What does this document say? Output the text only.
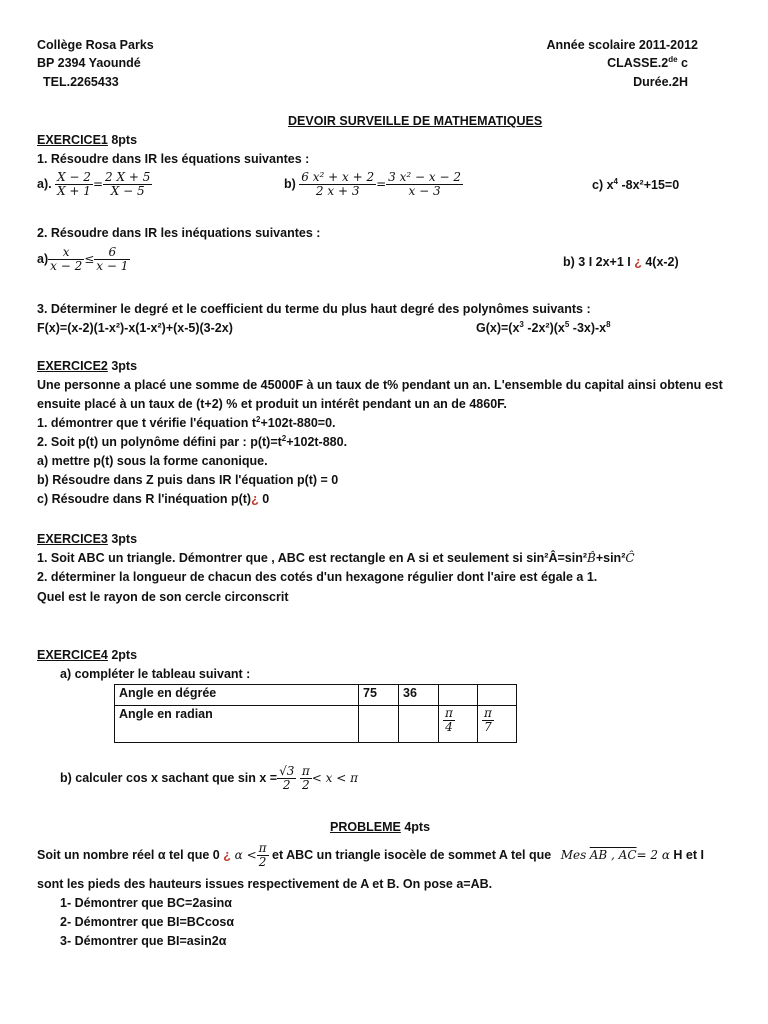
Collège Rosa Parks
BP 2394 Yaoundé
TEL.2265433
Année scolaire 2011-2012
CLASSE.2de c
Durée.2H
DEVOIR SURVEILLE DE MATHEMATIQUES
EXERCICE1 8pts
1. Résoudre dans IR les équations suivantes :
a). $\frac{X - 2}{X + 1} = \frac{2 X + 5}{X - 5}$	$b) \frac{\text{6 x² + x + 2}}{2 x + 3} = \frac{\text{3 x² − x − 2}}{x - 3}$	c) $x^4$ -8x²+15=0
2. Résoudre dans IR les inéquations suivantes :
$a) \frac{x}{x - 2} \le \frac{6}{x - 1}$	b) 3 I 2x+1 I ¿ 4(x-2)
3. Déterminer le degré et le coefficient du terme du plus haut degré des polynômes suivants :
F(x)=(x-2)(1-x²)-x(1-x²)+(x-5)(3-2x)	$G(x)=(x^3$ $-2x^2)(x^5$ $-3x)-x^8$
EXERCICE2 3pts
Une personne a placé une somme de 45000F à un taux de t% pendant un an. L'ensemble du capital ainsi obtenu est
ensuite placé à un taux de (t+2) % et produit un intérêt pendant un an de 4860F.
1. démontrer que t vérifie l'équation $t^2+102t-880=0$.
2. Soit p(t) un polynôme défini par : $p(t)=t^2+102t-880$.
a) mettre p(t) sous la forme canonique.
b) Résoudre dans Z puis dans IR l'équation p(t) = 0
c) Résoudre dans R l'inéquation p(t)¿ 0
EXERCICE3 3pts
1. Soit ABC un triangle. Démontrer que , ABC est rectangle en A si et seulement si sin²Â=sin²B̂+sin²Ĉ
2. déterminer la longueur de chacun des cotés d'un hexagone régulier dont l'aire est égale a 1.
Quel est le rayon de son cercle circonscrit
EXERCICE4 2pts
a) compléter le tableau suivant :
Angle en dégrée	75	36		
Angle en radian			$\frac{\pi}{4}$	$\frac{\pi}{7}$
b) calculer cos x sachant que $\sin x = \frac{√3}{2}$
$\frac{\pi}{2} < x < \pi$
PROBLEME 4pts
Soit un nombre réel α tel que 0 ¿ $\alpha < \frac{\pi}{2}$ et ABC un triangle isocèle de sommet A tel que Mes AB , AC= 2 α H et I
sont les pieds des hauteurs issues respectivement de A et B. On pose a=AB.
1- Démontrer que BC=2asinα
2- Démontrer que BI=BCcosα
3- Démontrer que BI=asin2α
